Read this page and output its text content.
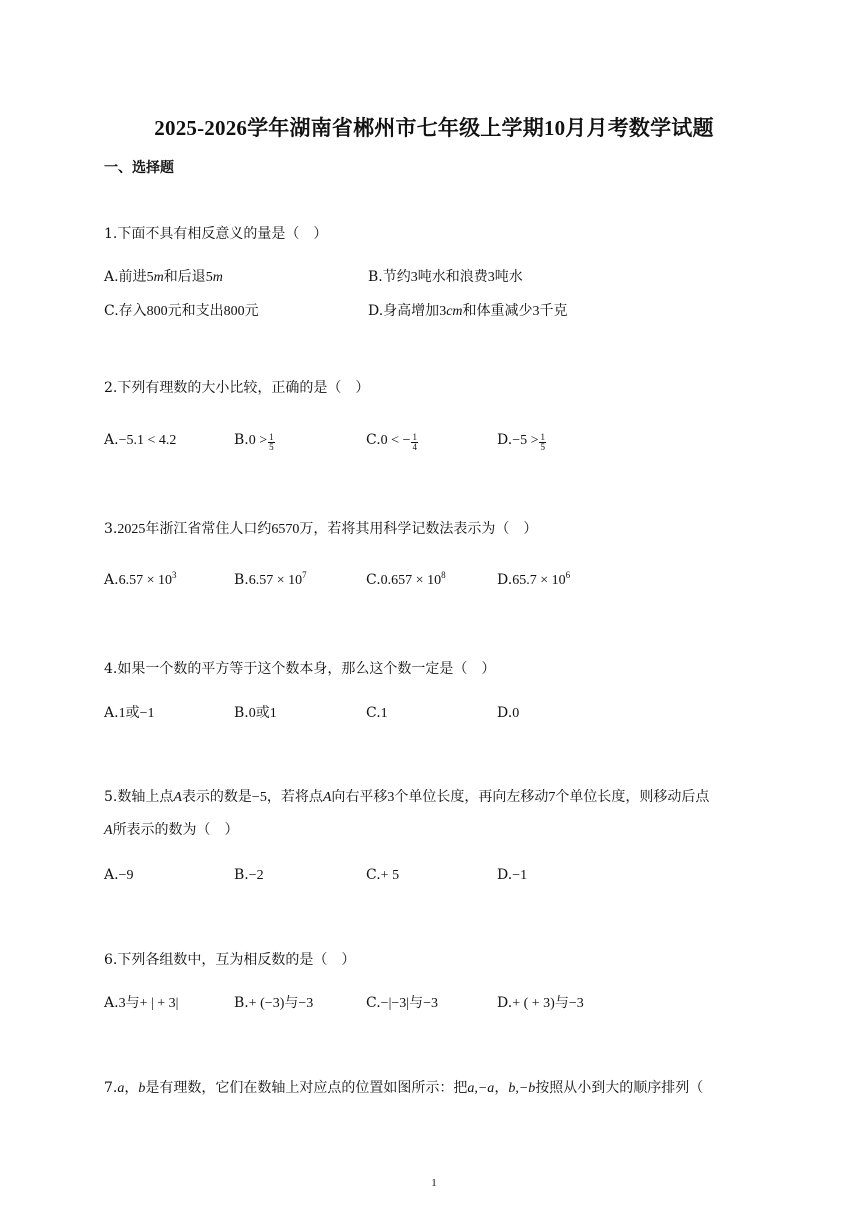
2025-2026学年湖南省郴州市七年级上学期10月月考数学试题
一、选择题
1.下面不具有相反意义的量是（　）
A.前进5m和后退5m	B.节约3吨水和浪费3吨水
C.存入800元和支出800元	D.身高增加3cm和体重减少3千克
2.下列有理数的大小比较，正确的是（　）
A.−5.1 < 4.2	$B.0 > \frac{1}{5}$	C.0 < − $\frac{1}{4}$	$D.-5 > \frac{1}{5}$
3.2025年浙江省常住人口约6570万，若将其用科学记数法表示为（　）
$A.6.57 \times 10^3$	$B.6.57 \times 10^7$	$C.0.657 \times 10^8$	$D.65.7 \times 10^6$
4.如果一个数的平方等于这个数本身，那么这个数一定是（　）
A.1或−1	B.0或1	C.1	D.0
5.数轴上点A表示的数是−5，若将点A向右平移3个单位长度，再向左移动7个单位长度，则移动后点
A所表示的数为（　）
A.−9	B.−2	C.+ 5	D.−1
6.下列各组数中，互为相反数的是（　）
A.3与+ | + 3|	B.+ (−3)与−3	C.−|−3|与−3	D.+ ( + 3)与−3
7.a，b是有理数，它们在数轴上对应点的位置如图所示：把a,−a，b,−b按照从小到大的顺序排列（
1
